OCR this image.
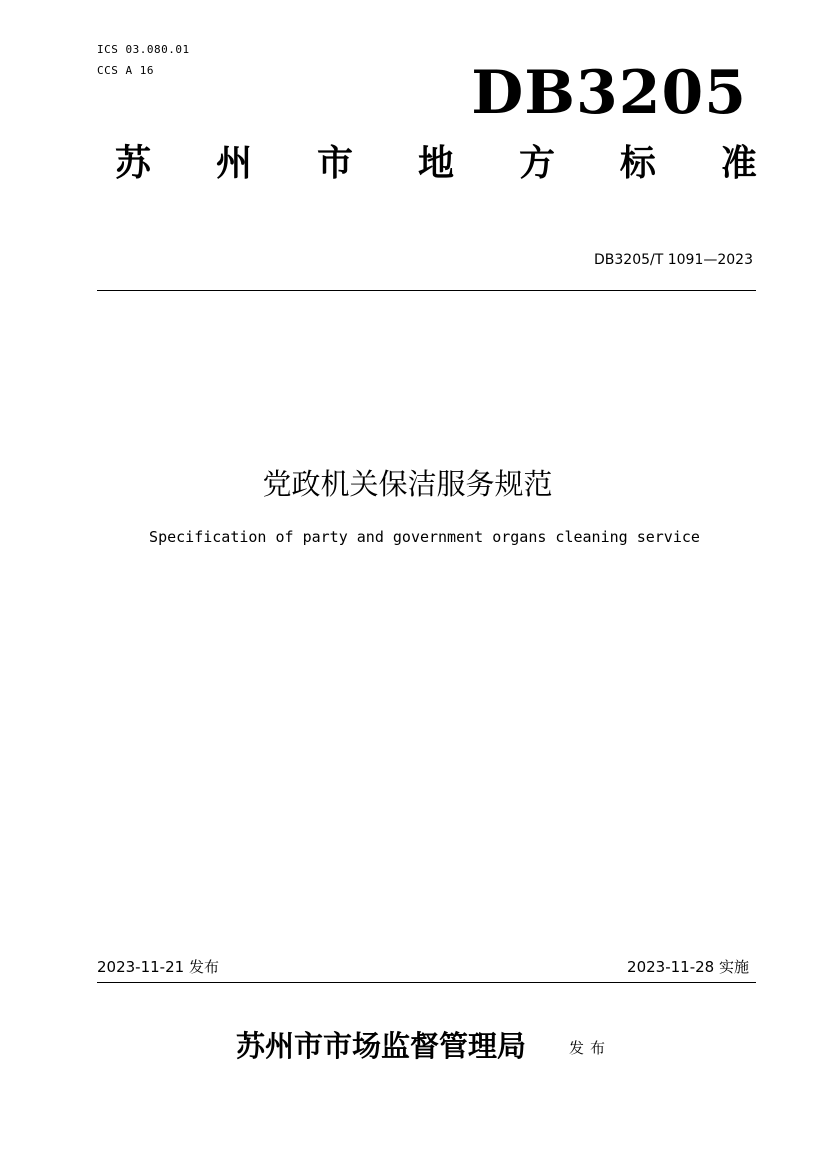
ICS 03.080.01
CCS A 16	DB3205
苏 州 市 地 方 标 准
DB3205/T 1091—2023
党政机关保洁服务规范
Specification of party and government organs cleaning service
2023-11-21 发布	2023-11-28 实施
苏州市市场监督管理局	发布
